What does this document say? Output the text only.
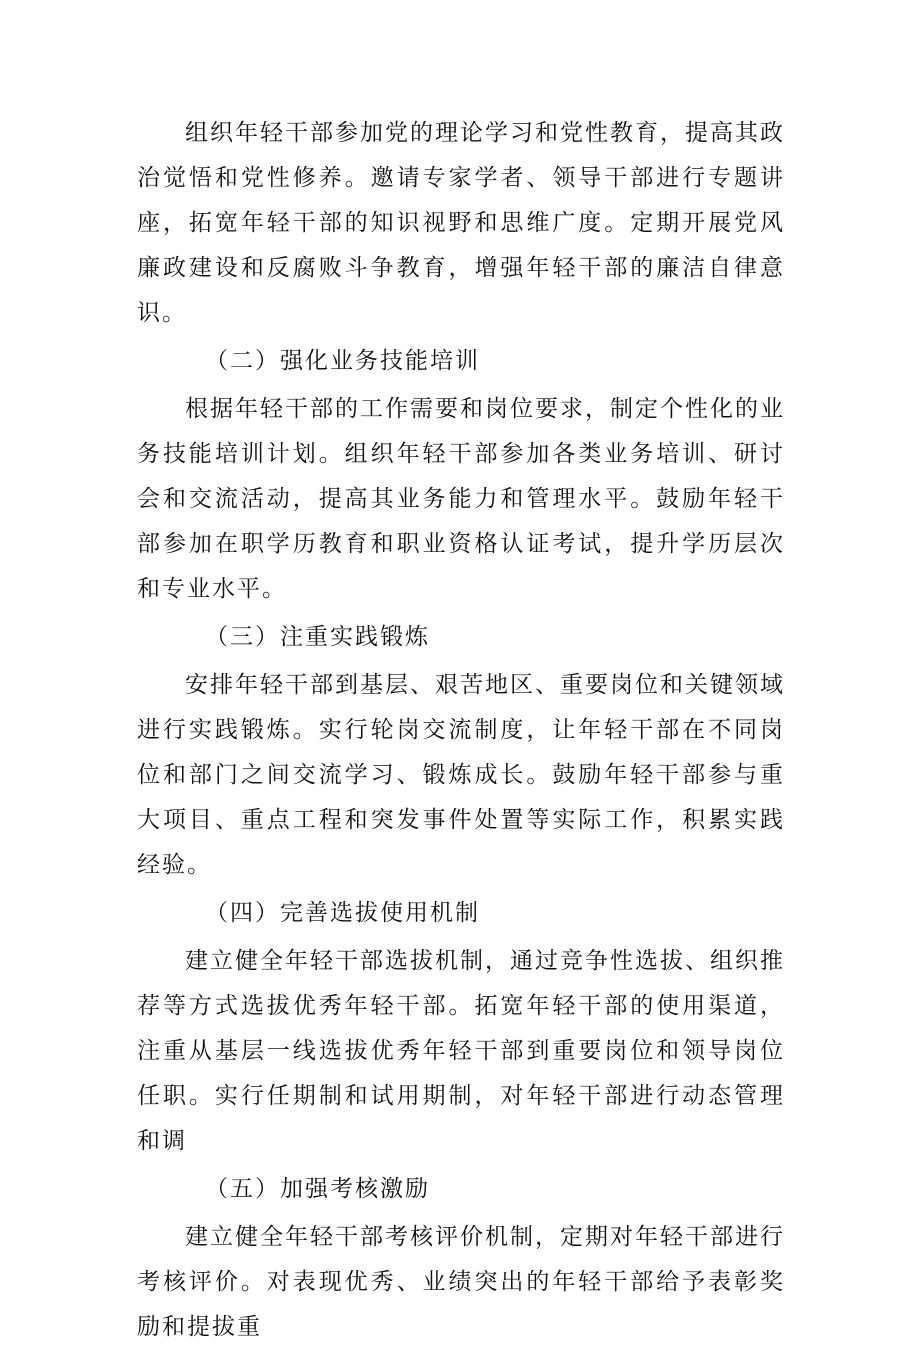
组织年轻干部参加党的理论学习和党性教育，提高其政治觉悟和党性修养。邀请专家学者、领导干部进行专题讲座，拓宽年轻干部的知识视野和思维广度。定期开展党风廉政建设和反腐败斗争教育，增强年轻干部的廉洁自律意识。

（二）强化业务技能培训

根据年轻干部的工作需要和岗位要求，制定个性化的业务技能培训计划。组织年轻干部参加各类业务培训、研讨会和交流活动，提高其业务能力和管理水平。鼓励年轻干部参加在职学历教育和职业资格认证考试，提升学历层次和专业水平。

（三）注重实践锻炼

安排年轻干部到基层、艰苦地区、重要岗位和关键领域进行实践锻炼。实行轮岗交流制度，让年轻干部在不同岗位和部门之间交流学习、锻炼成长。鼓励年轻干部参与重大项目、重点工程和突发事件处置等实际工作，积累实践经验。

（四）完善选拔使用机制

建立健全年轻干部选拔机制，通过竞争性选拔、组织推荐等方式选拔优秀年轻干部。拓宽年轻干部的使用渠道，注重从基层一线选拔优秀年轻干部到重要岗位和领导岗位任职。实行任期制和试用期制，对年轻干部进行动态管理和调

（五）加强考核激励

建立健全年轻干部考核评价机制，定期对年轻干部进行考核评价。对表现优秀、业绩突出的年轻干部给予表彰奖励和提拔重
